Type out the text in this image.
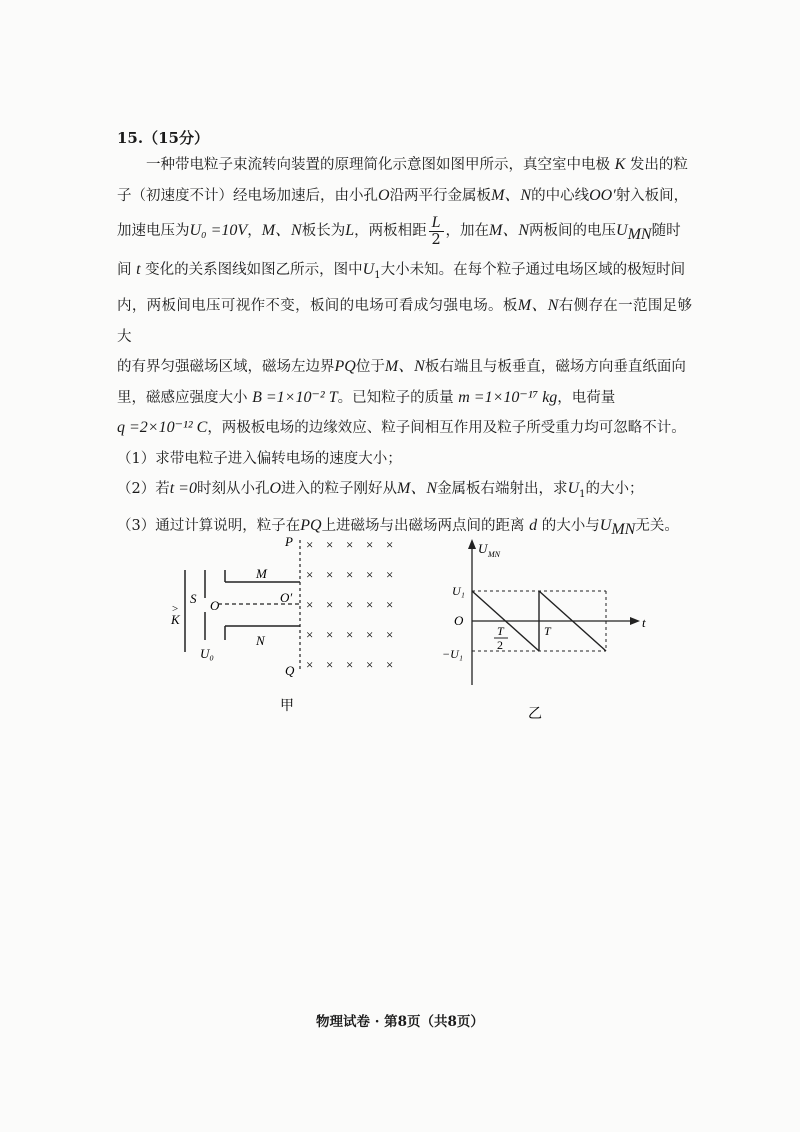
15.（15分）

一种带电粒子束流转向装置的原理简化示意图如图甲所示，真空室中电极 K 发出的粒

子（初速度不计）经电场加速后，由小孔O沿两平行金属板M、N的中心线OO′射入板间，

加速电压为U₀ =10V，M、N板长为L，两板相距 $\frac{L}{2}$ ，加在M、N两板间的电压$U_{MN}$随时

间 t 变化的关系图线如图乙所示，图中$U_1$大小未知。在每个粒子通过电场区域的极短时间

内，两板间电压可视作不变，板间的电场可看成匀强电场。板M、N右侧存在一范围足够大

的有界匀强磁场区域，磁场左边界PQ位于M、N板右端且与板垂直，磁场方向垂直纸面向

里，磁感应强度大小 B =1×10⁻² T。已知粒子的质量 m =1×10⁻¹⁷ kg，电荷量

q =2×10⁻¹² C，两极板电场的边缘效应、粒子间相互作用及粒子所受重力均可忽略不计。

（1）求带电粒子进入偏转电场的速度大小；

（2）若t =0时刻从小孔O进入的粒子刚好从M、N金属板右端射出，求$U_1$的大小；

（3）通过计算说明，粒子在PQ上进磁场与出磁场两点间的距离 d 的大小与$U_{MN}$无关。

K
>
S O
U₀
M
N
O′
P
Q
× × × × ×
× × × × ×
× × × × ×
× × × × ×
× × × × ×
甲
U MN
t
O
U₁
−U₁
T
2
T
乙
物理试卷 · 第8页（共8页）
